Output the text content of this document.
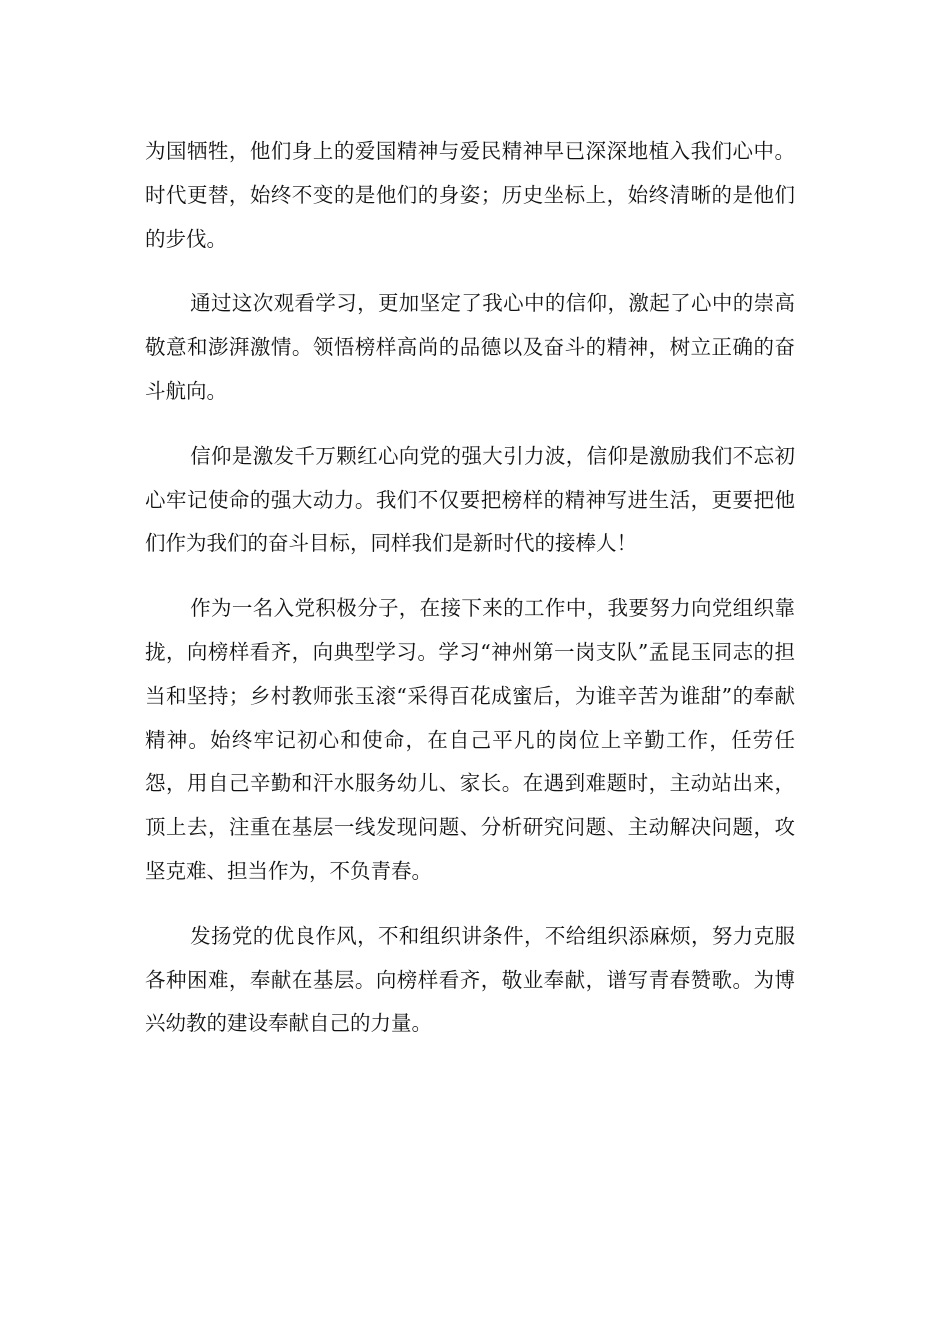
为国牺牲，他们身上的爱国精神与爱民精神早已深深地植入我们心中。时代更替，始终不变的是他们的身姿；历史坐标上，始终清晰的是他们的步伐。

通过这次观看学习，更加坚定了我心中的信仰，激起了心中的崇高敬意和澎湃激情。领悟榜样高尚的品德以及奋斗的精神，树立正确的奋斗航向。

信仰是激发千万颗红心向党的强大引力波，信仰是激励我们不忘初心牢记使命的强大动力。我们不仅要把榜样的精神写进生活，更要把他们作为我们的奋斗目标，同样我们是新时代的接棒人！

作为一名入党积极分子，在接下来的工作中，我要努力向党组织靠拢，向榜样看齐，向典型学习。学习“神州第一岗支队”孟昆玉同志的担当和坚持；乡村教师张玉滚“采得百花成蜜后，为谁辛苦为谁甜”的奉献精神。始终牢记初心和使命，在自己平凡的岗位上辛勤工作，任劳任怨，用自己辛勤和汗水服务幼儿、家长。在遇到难题时，主动站出来，顶上去，注重在基层一线发现问题、分析研究问题、主动解决问题，攻坚克难、担当作为，不负青春。

发扬党的优良作风，不和组织讲条件，不给组织添麻烦，努力克服各种困难，奉献在基层。向榜样看齐，敬业奉献，谱写青春赞歌。为博兴幼教的建设奉献自己的力量。
